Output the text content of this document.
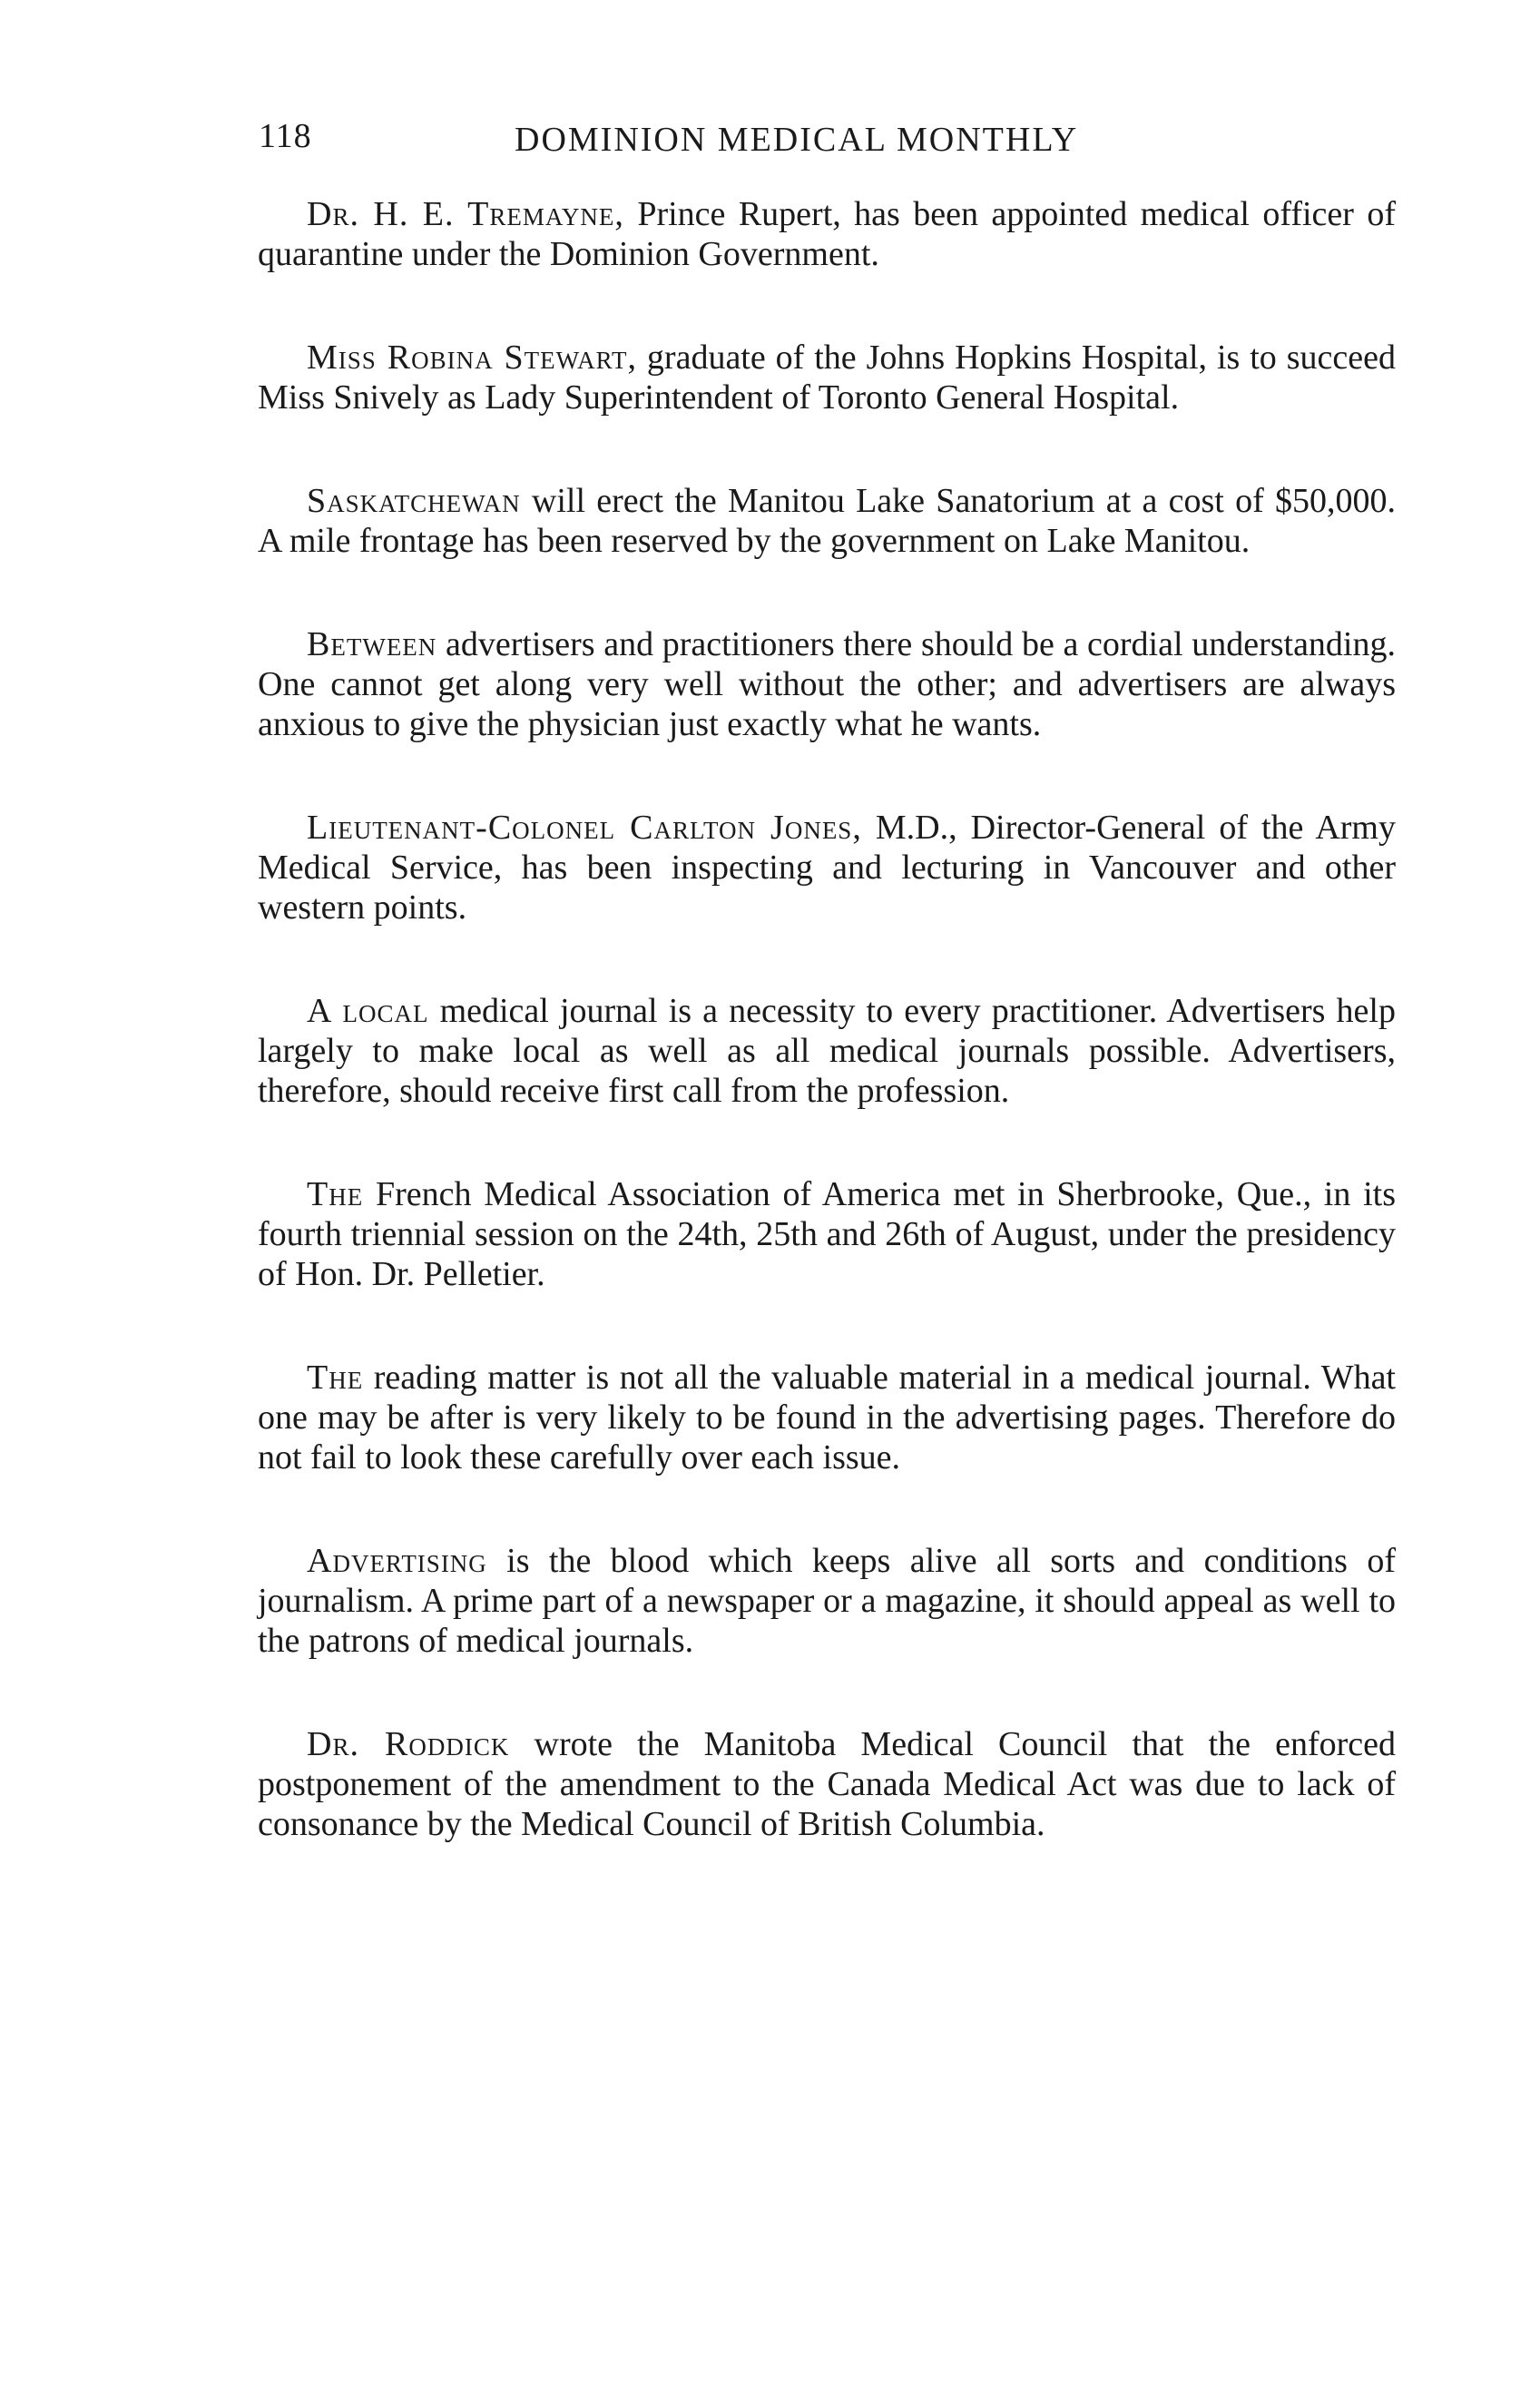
118	DOMINION MEDICAL MONTHLY

Dr. H. E. Tremayne, Prince Rupert, has been appointed medical officer of quarantine under the Dominion Government.

Miss Robina Stewart, graduate of the Johns Hopkins Hospital, is to succeed Miss Snively as Lady Superintendent of Toronto General Hospital.

Saskatchewan will erect the Manitou Lake Sanatorium at a cost of $50,000. A mile frontage has been reserved by the government on Lake Manitou.

Between advertisers and practitioners there should be a cordial understanding. One cannot get along very well without the other; and advertisers are always anxious to give the physician just exactly what he wants.

Lieutenant-Colonel Carlton Jones, M.D., Director-General of the Army Medical Service, has been inspecting and lecturing in Vancouver and other western points.

A local medical journal is a necessity to every practitioner. Advertisers help largely to make local as well as all medical journals possible. Advertisers, therefore, should receive first call from the profession.

The French Medical Association of America met in Sherbrooke, Que., in its fourth triennial session on the 24th, 25th and 26th of August, under the presidency of Hon. Dr. Pelletier.

The reading matter is not all the valuable material in a medical journal. What one may be after is very likely to be found in the advertising pages. Therefore do not fail to look these carefully over each issue.

Advertising is the blood which keeps alive all sorts and conditions of journalism. A prime part of a newspaper or a magazine, it should appeal as well to the patrons of medical journals.

Dr. Roddick wrote the Manitoba Medical Council that the enforced postponement of the amendment to the Canada Medical Act was due to lack of consonance by the Medical Council of British Columbia.
